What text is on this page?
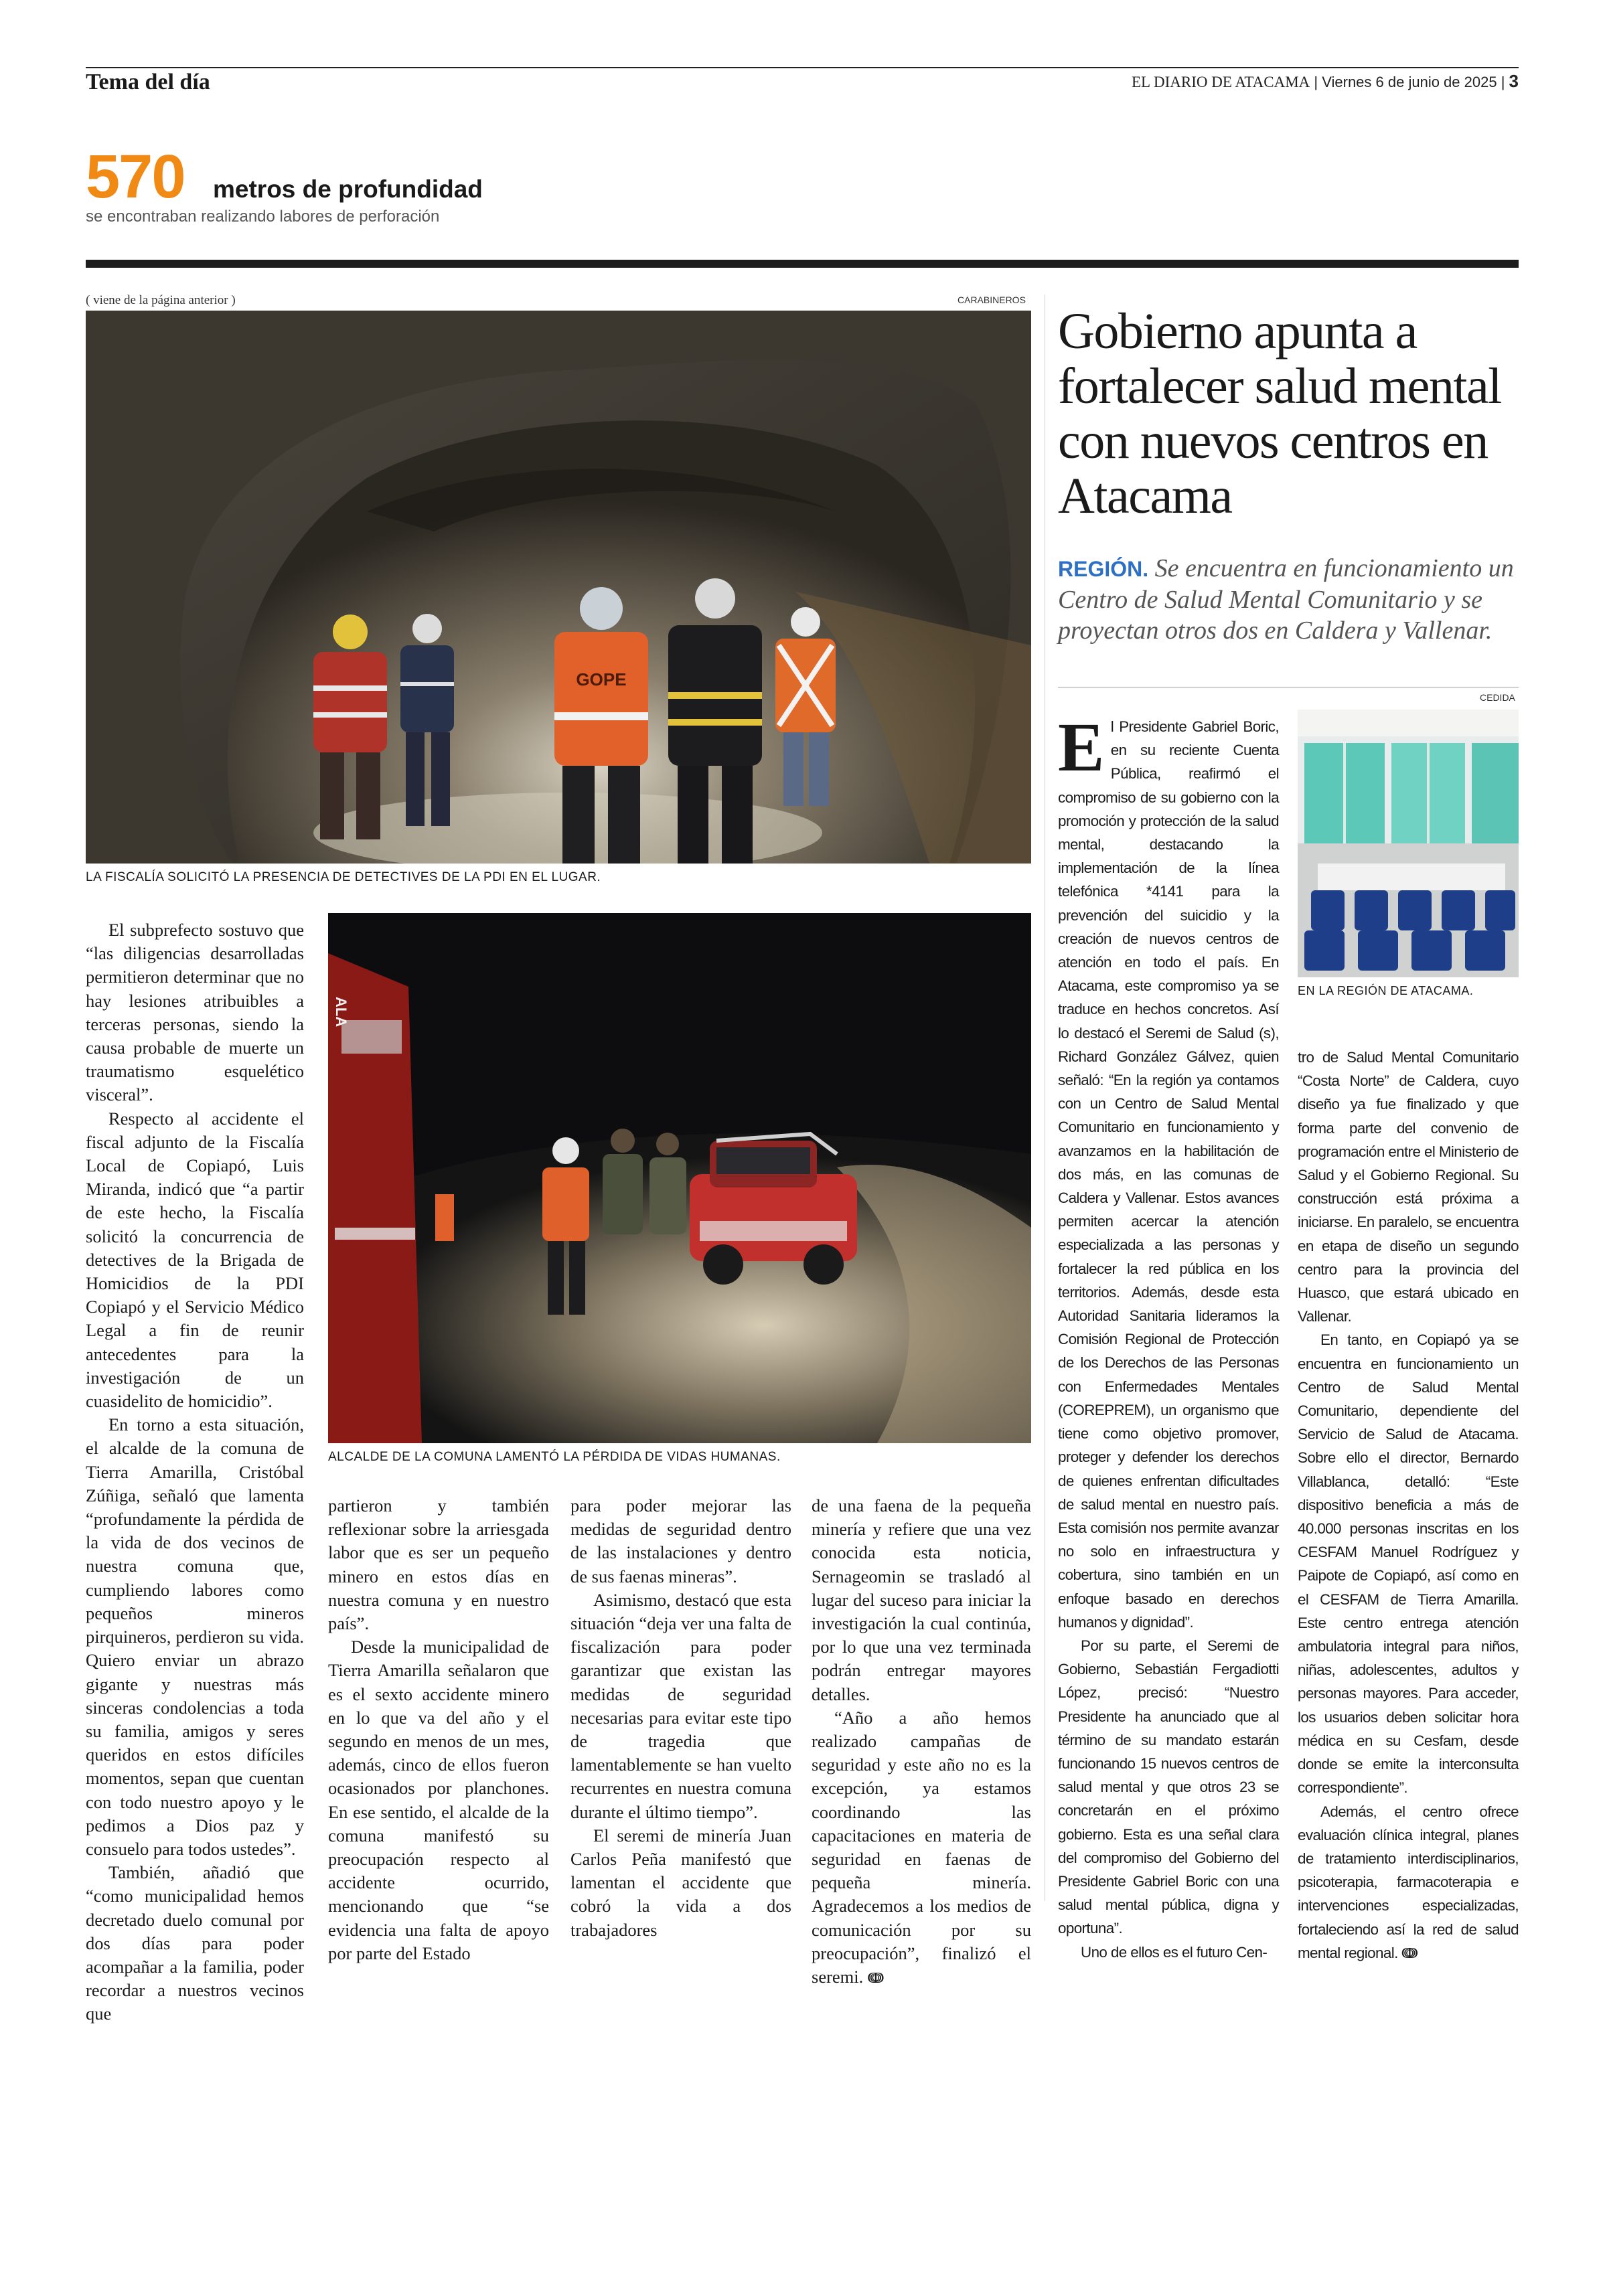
Tema del día	EL DIARIO DE ATACAMA | Viernes 6 de junio de 2025 | 3
570 metros de profundidad
se encontraban realizando labores de perforación
( viene de la página anterior )	CARABINEROS
GOPE
LA FISCALÍA SOLICITÓ LA PRESENCIA DE DETECTIVES DE LA PDI EN EL LUGAR.
ALA
ALCALDE DE LA COMUNA LAMENTÓ LA PÉRDIDA DE VIDAS HUMANAS.

El subprefecto sostuvo que “las diligencias desarrolladas permitieron determinar que no hay lesiones atribuibles a terceras personas, siendo la causa probable de muerte un traumatismo esquelético visceral”.

Respecto al accidente el fiscal adjunto de la Fiscalía Local de Copiapó, Luis Miranda, indicó que “a partir de este hecho, la Fiscalía solicitó la concurrencia de detectives de la Brigada de Homicidios de la PDI Copiapó y el Servicio Médico Legal a fin de reunir antecedentes para la investigación de un cuasidelito de homicidio”.

En torno a esta situación, el alcalde de la comuna de Tierra Amarilla, Cristóbal Zúñiga, señaló que lamenta “profundamente la pérdida de la vida de dos vecinos de nuestra comuna que, cumpliendo labores como pequeños mineros pirquineros, perdieron su vida. Quiero enviar un abrazo gigante y nuestras más sinceras condolencias a toda su familia, amigos y seres queridos en estos difíciles momentos, sepan que cuentan con todo nuestro apoyo y le pedimos a Dios paz y consuelo para todos ustedes”.

También, añadió que “como municipalidad hemos decretado duelo comunal por dos días para poder acompañar a la familia, poder recordar a nuestros vecinos que

partieron y también reflexionar sobre la arriesgada labor que es ser un pequeño minero en estos días en nuestra comuna y en nuestro país”.

Desde la municipalidad de Tierra Amarilla señalaron que es el sexto accidente minero en lo que va del año y el segundo en menos de un mes, además, cinco de ellos fueron ocasionados por planchones. En ese sentido, el alcalde de la comuna manifestó su preocupación respecto al accidente ocurrido, mencionando que “se evidencia una falta de apoyo por parte del Estado

para poder mejorar las medidas de seguridad dentro de las instalaciones y dentro de sus faenas mineras”.

Asimismo, destacó que esta situación “deja ver una falta de fiscalización para poder garantizar que existan las medidas de seguridad necesarias para evitar este tipo de tragedia que lamentablemente se han vuelto recurrentes en nuestra comuna durante el último tiempo”.

El seremi de minería Juan Carlos Peña manifestó que lamentan el accidente que cobró la vida a dos trabajadores

de una faena de la pequeña minería y refiere que una vez conocida esta noticia, Sernageomin se trasladó al lugar del suceso para iniciar la investigación la cual continúa, por lo que una vez terminada podrán entregar mayores detalles.

“Año a año hemos realizado campañas de seguridad y este año no es la excepción, ya estamos coordinando las capacitaciones en materia de seguridad en faenas de pequeña minería. Agradecemos a los medios de comunicación por su preocupación”, finalizó el seremi. ↈ

Gobierno apunta a fortalecer salud mental con nuevos centros en Atacama
REGIÓN. Se encuentra en funcionamiento un Centro de Salud Mental Comunitario y se proyectan otros dos en Caldera y Vallenar.
CEDIDA
EN LA REGIÓN DE ATACAMA.

El Presidente Gabriel Boric, en su reciente Cuenta Pública, reafirmó el compromiso de su gobierno con la promoción y protección de la salud mental, destacando la implementación de la línea telefónica *4141 para la prevención del suicidio y la creación de nuevos centros de atención en todo el país. En Atacama, este compromiso ya se traduce en hechos concretos. Así lo destacó el Seremi de Salud (s), Richard González Gálvez, quien señaló: “En la región ya contamos con un Centro de Salud Mental Comunitario en funcionamiento y avanzamos en la habilitación de dos más, en las comunas de Caldera y Vallenar. Estos avances permiten acercar la atención especializada a las personas y fortalecer la red pública en los territorios. Además, desde esta Autoridad Sanitaria lideramos la Comisión Regional de Protección de los Derechos de las Personas con Enfermedades Mentales (COREPREM), un organismo que tiene como objetivo promover, proteger y defender los derechos de quienes enfrentan dificultades de salud mental en nuestro país. Esta comisión nos permite avanzar no solo en infraestructura y cobertura, sino también en un enfoque basado en derechos humanos y dignidad”.

Por su parte, el Seremi de Gobierno, Sebastián Fergadiotti López, precisó: “Nuestro Presidente ha anunciado que al término de su mandato estarán funcionando 15 nuevos centros de salud mental y que otros 23 se concretarán en el próximo gobierno. Esta es una señal clara del compromiso del Gobierno del Presidente Gabriel Boric con una salud mental pública, digna y oportuna”.

Uno de ellos es el futuro Cen-

tro de Salud Mental Comunitario “Costa Norte” de Caldera, cuyo diseño ya fue finalizado y que forma parte del convenio de programación entre el Ministerio de Salud y el Gobierno Regional. Su construcción está próxima a iniciarse. En paralelo, se encuentra en etapa de diseño un segundo centro para la provincia del Huasco, que estará ubicado en Vallenar.

En tanto, en Copiapó ya se encuentra en funcionamiento un Centro de Salud Mental Comunitario, dependiente del Servicio de Salud de Atacama. Sobre ello el director, Bernardo Villablanca, detalló: “Este dispositivo beneficia a más de 40.000 personas inscritas en los CESFAM Manuel Rodríguez y Paipote de Copiapó, así como en el CESFAM de Tierra Amarilla. Este centro entrega atención ambulatoria integral para niños, niñas, adolescentes, adultos y personas mayores. Para acceder, los usuarios deben solicitar hora médica en su Cesfam, desde donde se emite la interconsulta correspondiente”.

Además, el centro ofrece evaluación clínica integral, planes de tratamiento interdisciplinarios, psicoterapia, farmacoterapia e intervenciones especializadas, fortaleciendo así la red de salud mental regional. ↈ
